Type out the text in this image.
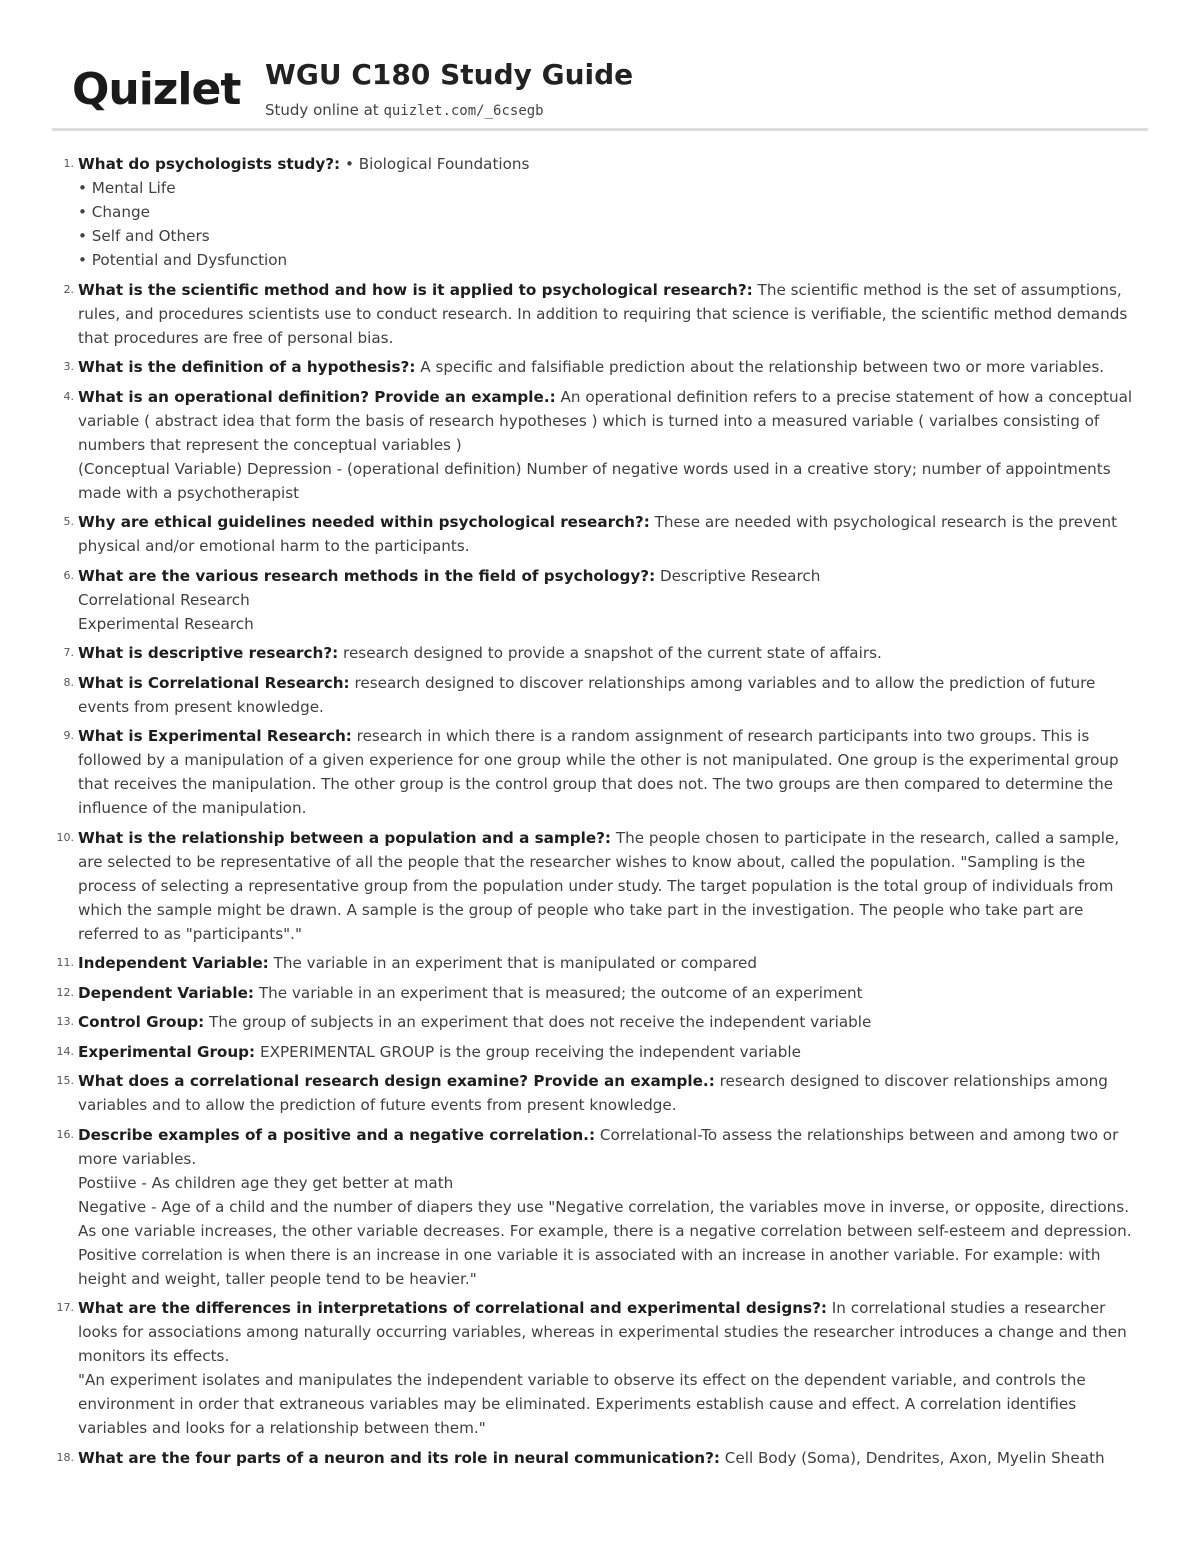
Quizlet WGU C180 Study Guide
Study online at quizlet.com/_6csegb
1. What do psychologists study?: • Biological Foundations
• Mental Life
• Change
• Self and Others
• Potential and Dysfunction
2. What is the scientific method and how is it applied to psychological research?: The scientific method is the set of assumptions, rules, and procedures scientists use to conduct research. In addition to requiring that science is verifiable, the scientific method demands that procedures are free of personal bias.
3. What is the definition of a hypothesis?: A specific and falsifiable prediction about the relationship between two or more variables.
4. What is an operational definition? Provide an example.: An operational definition refers to a precise statement of how a conceptual variable ( abstract idea that form the basis of research hypotheses ) which is turned into a measured variable ( varialbes consisting of numbers that represent the conceptual variables )
(Conceptual Variable) Depression - (operational definition) Number of negative words used in a creative story; number of appointments made with a psychotherapist
5. Why are ethical guidelines needed within psychological research?: These are needed with psychological research is the prevent physical and/or emotional harm to the participants.
6. What are the various research methods in the field of psychology?: Descriptive Research
Correlational Research
Experimental Research
7. What is descriptive research?: research designed to provide a snapshot of the current state of affairs.
8. What is Correlational Research: research designed to discover relationships among variables and to allow the prediction of future events from present knowledge.
9. What is Experimental Research: research in which there is a random assignment of research participants into two groups. This is followed by a manipulation of a given experience for one group while the other is not manipulated. One group is the experimental group that receives the manipulation. The other group is the control group that does not. The two groups are then compared to determine the influence of the manipulation.
10. What is the relationship between a population and a sample?: The people chosen to participate in the research, called a sample, are selected to be representative of all the people that the researcher wishes to know about, called the population. "Sampling is the process of selecting a representative group from the population under study. The target population is the total group of individuals from which the sample might be drawn. A sample is the group of people who take part in the investigation. The people who take part are referred to as "participants"."
11. Independent Variable: The variable in an experiment that is manipulated or compared
12. Dependent Variable: The variable in an experiment that is measured; the outcome of an experiment
13. Control Group: The group of subjects in an experiment that does not receive the independent variable
14. Experimental Group: EXPERIMENTAL GROUP is the group receiving the independent variable
15. What does a correlational research design examine? Provide an example.: research designed to discover relationships among variables and to allow the prediction of future events from present knowledge.
16. Describe examples of a positive and a negative correlation.: Correlational-To assess the relationships between and among two or more variables.
Postiive - As children age they get better at math
Negative - Age of a child and the number of diapers they use "Negative correlation, the variables move in inverse, or opposite, directions. As one variable increases, the other variable decreases. For example, there is a negative correlation between self-esteem and depression. Positive correlation is when there is an increase in one variable it is associated with an increase in another variable. For example: with height and weight, taller people tend to be heavier."
17. What are the differences in interpretations of correlational and experimental designs?: In correlational studies a researcher looks for associations among naturally occurring variables, whereas in experimental studies the researcher introduces a change and then monitors its effects.
"An experiment isolates and manipulates the independent variable to observe its effect on the dependent variable, and controls the environment in order that extraneous variables may be eliminated. Experiments establish cause and effect. A correlation identifies variables and looks for a relationship between them."
18. What are the four parts of a neuron and its role in neural communication?: Cell Body (Soma), Dendrites, Axon, Myelin Sheath
